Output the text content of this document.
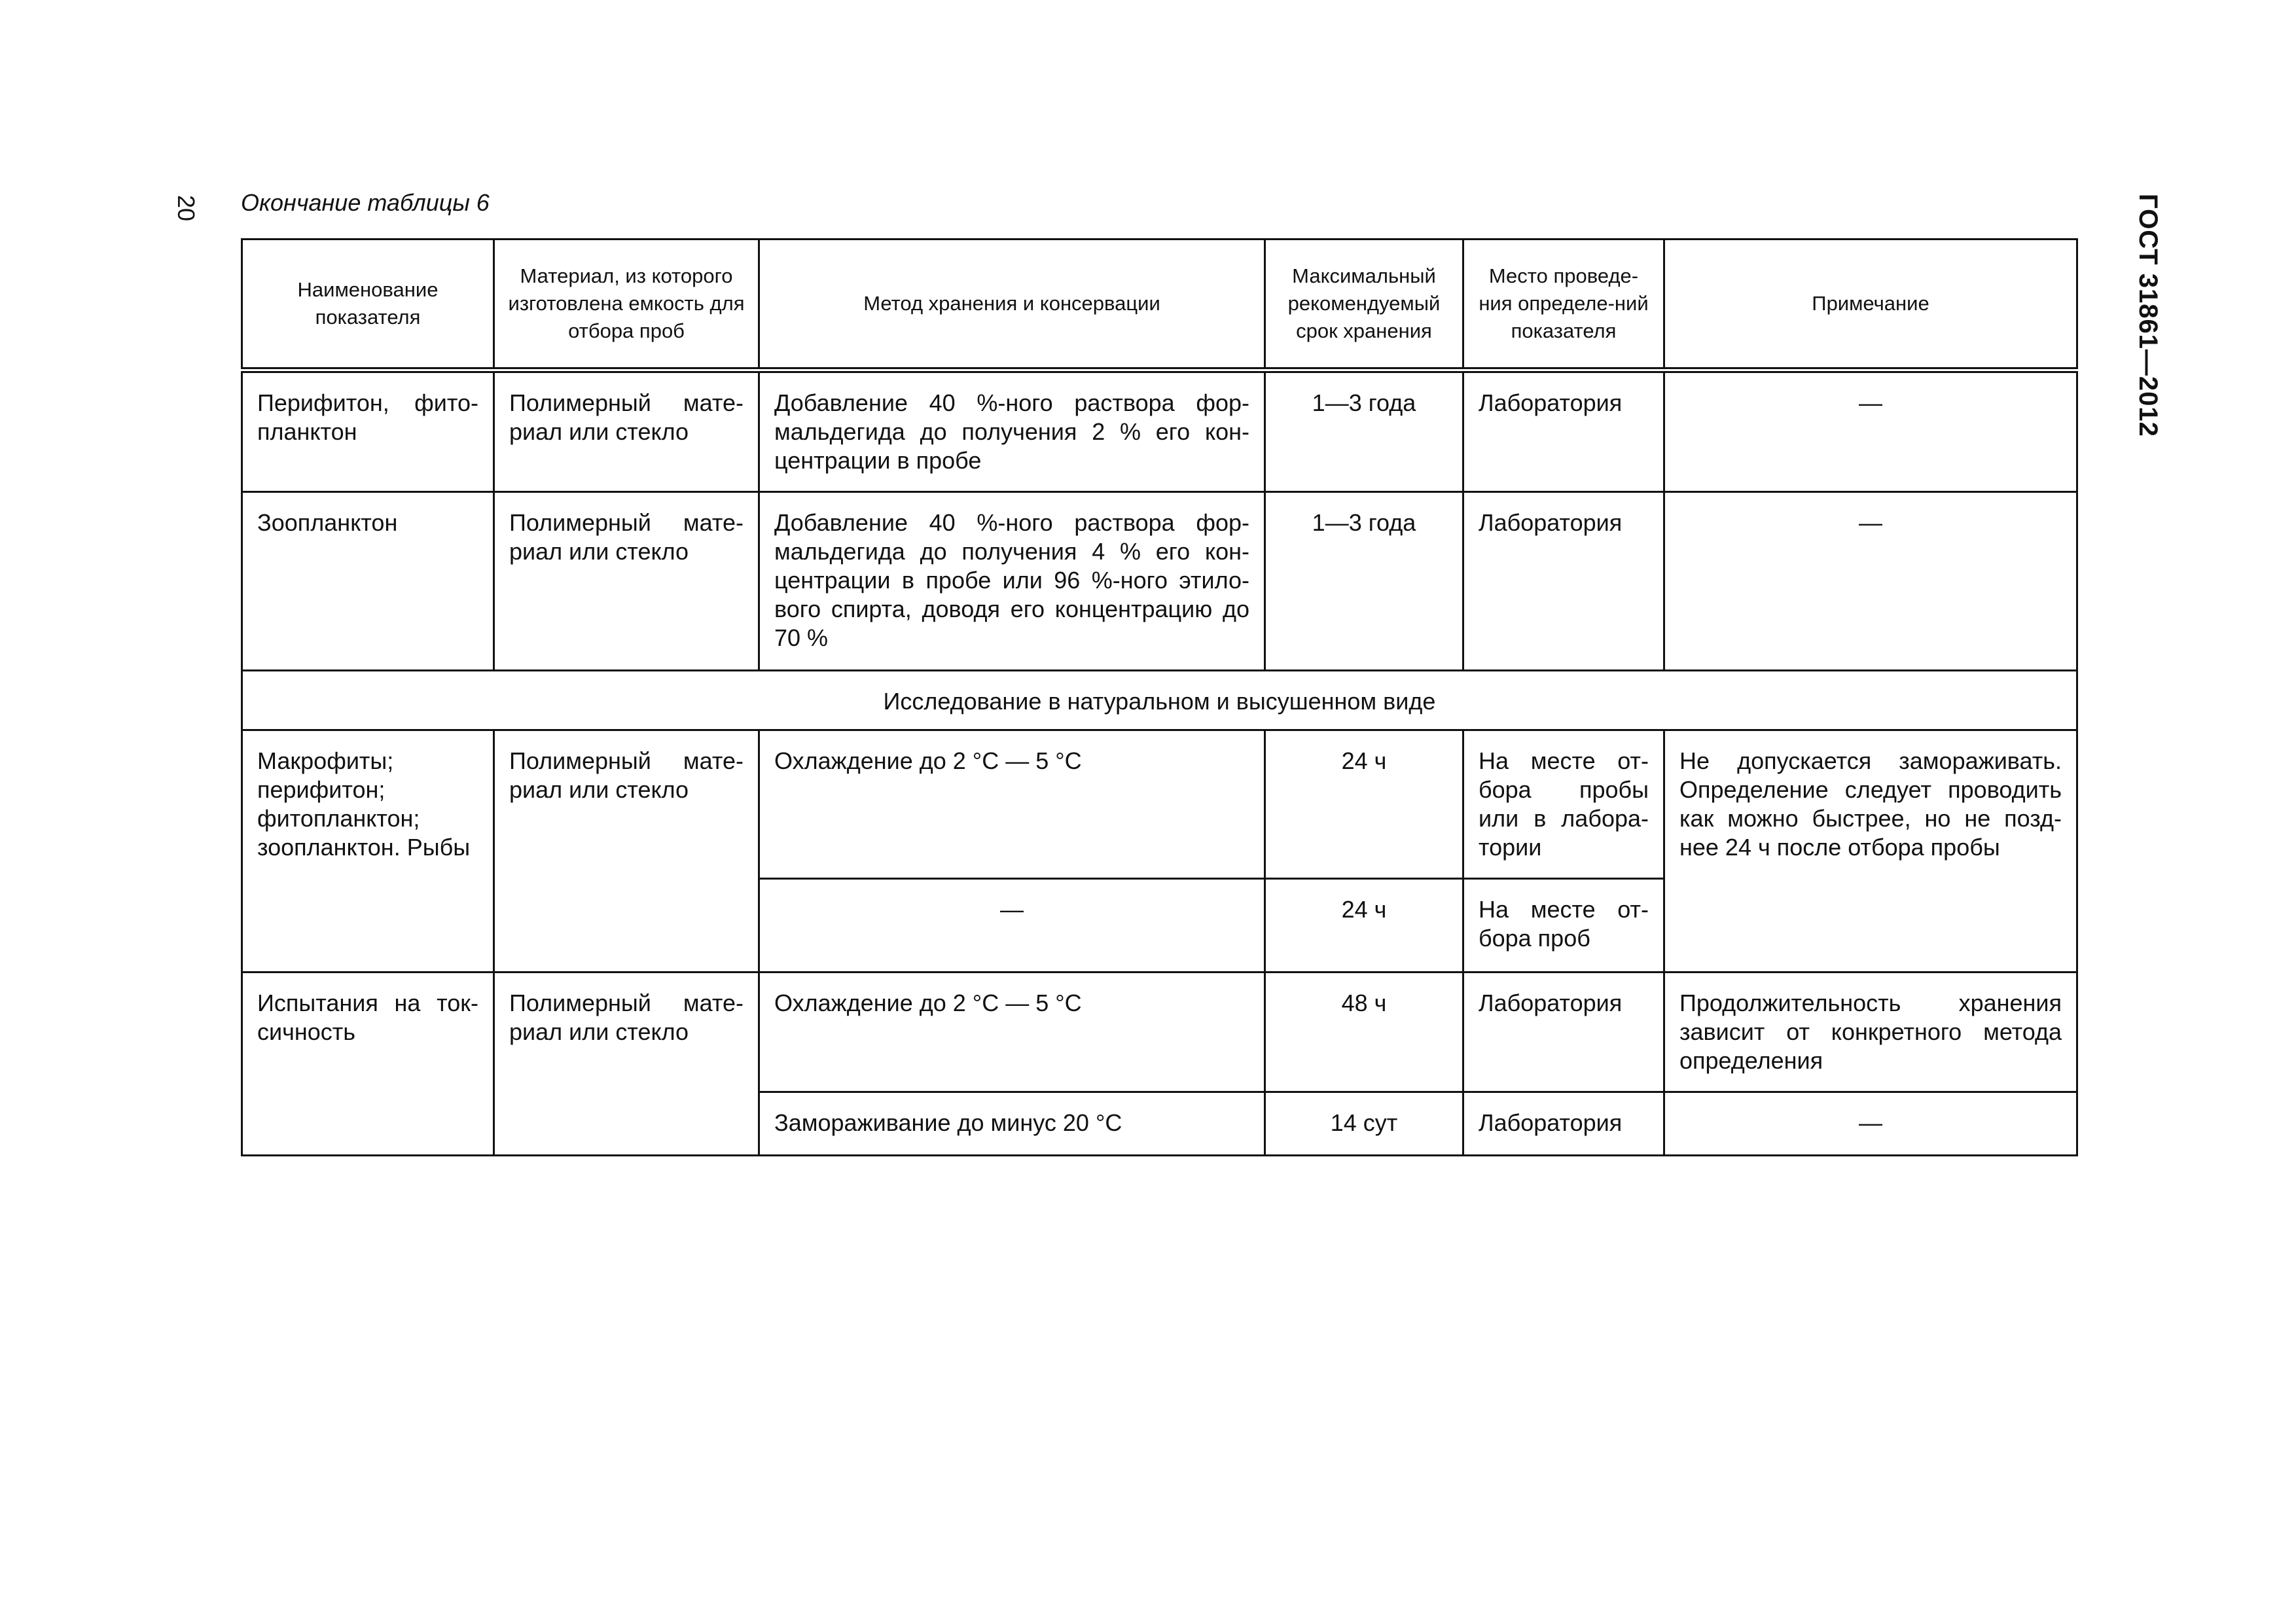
20	ГОСТ 31861—2012
Окончание таблицы 6
Наименование показателя	Материал, из которого изготовлена емкость для отбора проб	Метод хранения и консервации	Максимальный рекомендуемый срок хранения	Место проведе-ния определе-ний показателя	Примечание
Перифитон, фито-планктон	Полимерный мате-риал или стекло	Добавление 40 %-ного раствора фор-мальдегида до получения 2 % его кон-центрации в пробе	1—3 года	Лаборатория	—
Зоопланктон	Полимерный мате-риал или стекло	Добавление 40 %-ного раствора фор-мальдегида до получения 4 % его кон-центрации в пробе или 96 %-ного этило-вого спирта, доводя его концентрацию до 70 %	1—3 года	Лаборатория	—
Исследование в натуральном и высушенном виде					
Макрофиты; перифитон; фитопланктон; зоопланктон. Рыбы	Полимерный мате-риал или стекло	Охлаждение до 2 °С — 5 °С	24 ч	На месте от-бора пробы или в лабора-тории	Не допускается замораживать. Определение следует проводить как можно быстрее, но не позд-нее 24 ч после отбора пробы
		—	24 ч	На месте от-бора проб	
Испытания на ток-сичность	Полимерный мате-риал или стекло	Охлаждение до 2 °С — 5 °С	48 ч	Лаборатория	Продолжительность хранения зависит от конкретного метода определения
		Замораживание до минус 20 °С	14 сут	Лаборатория	—
